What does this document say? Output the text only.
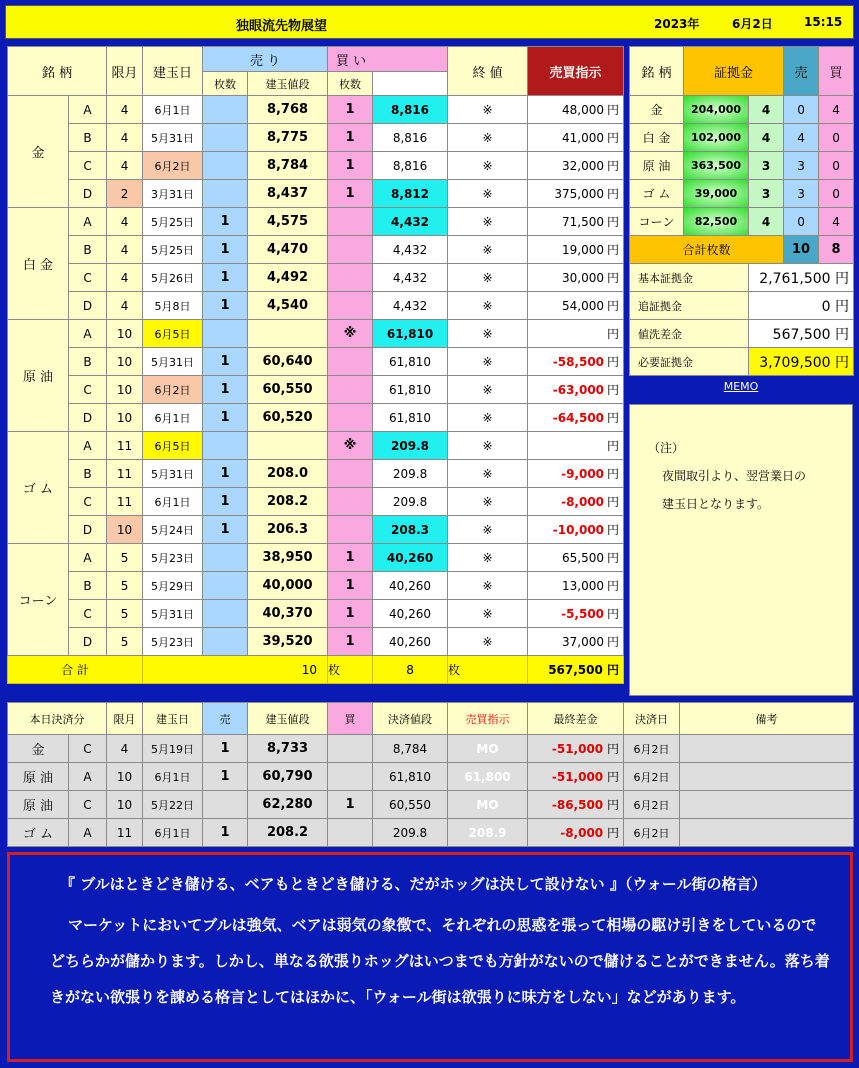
独眼流先物展望	2023年	6月2日	15:15
銘 柄		限月	建玉日	売 り		買 い		終 値	売買指示	
				枚数	建玉値段	枚数				
金	A	4	6月1日		8,768	1	8,816	※	48,000 円	
	B	4	5月31日		8,775	1	8,816	※	41,000 円	
	C	4	6月2日		8,784	1	8,816	※	32,000 円	
	D	2	3月31日		8,437	1	8,812	※	375,000 円	
白 金	A	4	5月25日	1	4,575		4,432	※	71,500 円	
	B	4	5月25日	1	4,470		4,432	※	19,000 円	
	C	4	5月26日	1	4,492		4,432	※	30,000 円	
	D	4	5月8日	1	4,540		4,432	※	54,000 円	
原 油	A	10	6月5日			※	61,810	※	円	
	B	10	5月31日	1	60,640		61,810	※	-58,500 円	
	C	10	6月2日	1	60,550		61,810	※	-63,000 円	
	D	10	6月1日	1	60,520		61,810	※	-64,500 円	
ゴ ム	A	11	6月5日			※	209.8	※	円	
	B	11	5月31日	1	208.0		209.8	※	-9,000 円	
	C	11	6月1日	1	208.2		209.8	※	-8,000 円	
	D	10	5月24日	1	206.3		208.3	※	-10,000 円	
コーン	A	5	5月23日		38,950	1	40,260	※	65,500 円	
	B	5	5月29日		40,000	1	40,260	※	13,000 円	
	C	5	5月31日		40,370	1	40,260	※	-5,500 円	
	D	5	5月23日		39,520	1	40,260	※	37,000 円	
合 計			10			枚	8	枚	567,500 円	
銘 柄	証拠金		売	買
金	204,000	4	0	4
白 金	102,000	4	4	0
原 油	363,500	3	3	0
ゴ ム	39,000	3	3	0
コーン	82,500	4	0	4
合計枚数			10	8
基本証拠金		2,761,500 円		
追証拠金		0 円		
値洗差金		567,500 円		
必要証拠金		3,709,500 円		
MEMO
（注）
夜間取引より、翌営業日の
建玉日となります。
本日決済分		限月	建玉日	売	建玉値段	買	決済値段	売買指示	最終差金	決済日	備考
金	C	4	5月19日	1	8,733		8,784	MO	-51,000 円	6月2日	
原 油	A	10	6月1日	1	60,790		61,810	61,800	-51,000 円	6月2日	
原 油	C	10	5月22日		62,280	1	60,550	MO	-86,500 円	6月2日	
ゴ ム	A	11	6月1日	1	208.2		209.8	208.9	-8,000 円	6月2日	
『 ブルはときどき儲ける、ベアもときどき儲ける、だがホッグは決して設けない 』（ウォール街の格言）
マーケットにおいてブルは強気、ベアは弱気の象徴で、それぞれの思惑を張って相場の駆け引きをしているのでどちらかが儲かります。しかし、単なる欲張りホッグはいつまでも方針がないので儲けることができません。落ち着きがない欲張りを諌める格言としてはほかに、「ウォール街は欲張りに味方をしない」などがあります。
